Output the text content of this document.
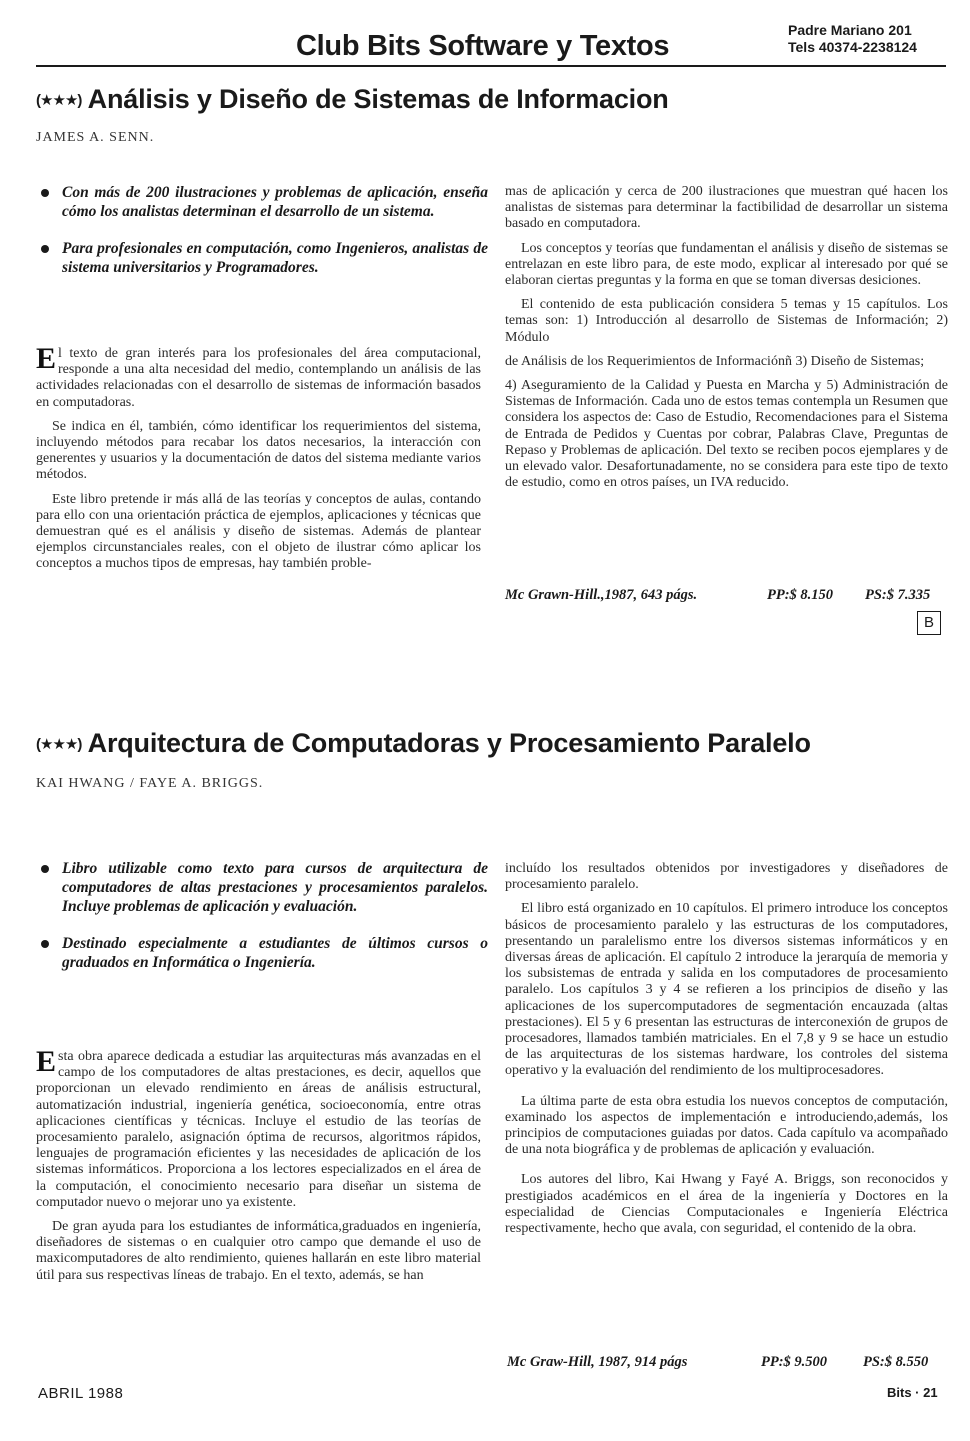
Club Bits Software y Textos	Padre Mariano 201
Tels 40374-2238124
(★★★) Análisis y Diseño de Sistemas de Informacion
JAMES A. SENN.
Con más de 200 ilustraciones y problemas de aplicación, enseña cómo los analistas determinan el desarrollo de un sistema.
Para profesionales en computación, como Ingenieros, analistas de sistema universitarios y Programadores.

El texto de gran interés para los profesionales del área computacional, responde a una alta necesidad del medio, contemplando un análisis de las actividades relacionadas con el desarrollo de sistemas de información basados en computadoras.

Se indica en él, también, cómo identificar los requerimientos del sistema, incluyendo métodos para recabar los datos necesarios, la interacción con generentes y usuarios y la documentación de datos del sistema mediante varios métodos.

Este libro pretende ir más allá de las teorías y conceptos de aulas, contando para ello con una orientación práctica de ejemplos, aplicaciones y técnicas que demuestran qué es el análisis y diseño de sistemas. Además de plantear ejemplos circunstanciales reales, con el objeto de ilustrar cómo aplicar los conceptos a muchos tipos de empresas, hay también proble-

mas de aplicación y cerca de 200 ilustraciones que muestran qué hacen los analistas de sistemas para determinar la factibilidad de desarrollar un sistema basado en computadora.

Los conceptos y teorías que fundamentan el análisis y diseño de sistemas se entrelazan en este libro para, de este modo, explicar al interesado por qué se elaboran ciertas preguntas y la forma en que se toman diversas desiciones.

El contenido de esta publicación considera 5 temas y 15 capítulos. Los temas son: 1) Introducción al desarrollo de Sistemas de Información; 2) Módulo

de Análisis de los Requerimientos de Informaciónñ 3) Diseño de Sistemas;

4) Aseguramiento de la Calidad y Puesta en Marcha y 5) Administración de Sistemas de Información. Cada uno de estos temas contempla un Resumen que considera los aspectos de: Caso de Estudio, Recomendaciones para el Sistema de Entrada de Pedidos y Cuentas por cobrar, Palabras Clave, Preguntas de Repaso y Problemas de aplicación. Del texto se reciben pocos ejemplares y de un elevado valor. Desafortunadamente, no se considera para este tipo de texto de estudio, como en otros países, un IVA reducido.

Mc Grawn-Hill.,1987, 643 págs.	PP:$ 8.150 PS:$ 7.335
B
(★★★) Arquitectura de Computadoras y Procesamiento Paralelo
KAI HWANG / FAYE A. BRIGGS.
Libro utilizable como texto para cursos de arquitectura de computadores de altas prestaciones y procesamientos paralelos. Incluye problemas de aplicación y evaluación.
Destinado especialmente a estudiantes de últimos cursos o graduados en Informática o Ingeniería.

Esta obra aparece dedicada a estudiar las arquitecturas más avanzadas en el campo de los computadores de altas prestaciones, es decir, aquellos que proporcionan un elevado rendimiento en áreas de análisis estructural, automatización industrial, ingeniería genética, socioeconomía, entre otras aplicaciones científicas y técnicas. Incluye el estudio de las teorías de procesamiento paralelo, asignación óptima de recursos, algoritmos rápidos, lenguajes de programación eficientes y las necesidades de aplicación de los sistemas informáticos. Proporciona a los lectores especializados en el área de la computación, el conocimiento necesario para diseñar un sistema de computador nuevo o mejorar uno ya existente.

De gran ayuda para los estudiantes de informática,graduados en ingeniería, diseñadores de sistemas o en cualquier otro campo que demande el uso de maxicomputadores de alto rendimiento, quienes hallarán en este libro material útil para sus respectivas líneas de trabajo. En el texto, además, se han

incluído los resultados obtenidos por investigadores y diseñadores de procesamiento paralelo.

El libro está organizado en 10 capítulos. El primero introduce los conceptos básicos de procesamiento paralelo y las estructuras de los computadores, presentando un paralelismo entre los diversos sistemas informáticos y en diversas áreas de aplicación. El capítulo 2 introduce la jerarquía de memoria y los subsistemas de entrada y salida en los computadores de procesamiento paralelo. Los capítulos 3 y 4 se refieren a los principios de diseño y las aplicaciones de los supercomputadores de segmentación encauzada (altas prestaciones). El 5 y 6 presentan las estructuras de interconexión de grupos de procesadores, llamados también matriciales. En el 7,8 y 9 se hace un estudio de las arquitecturas de los sistemas hardware, los controles del sistema operativo y la evaluación del rendimiento de los multiprocesadores.

La última parte de esta obra estudia los nuevos conceptos de computación, examinado los aspectos de implementación e introduciendo,además, los principios de computaciones guiadas por datos. Cada capítulo va acompañado de una nota biográfica y de problemas de aplicación y evaluación.

Los autores del libro, Kai Hwang y Fayé A. Briggs, son reconocidos y prestigiados académicos en el área de la ingeniería y Doctores en la especialidad de Ciencias Computacionales e Ingeniería Eléctrica respectivamente, hecho que avala, con seguridad, el contenido de la obra.

Mc Graw-Hill, 1987, 914 págs	PP:$ 9.500 PS:$ 8.550
ABRIL 1988	Bits · 21
